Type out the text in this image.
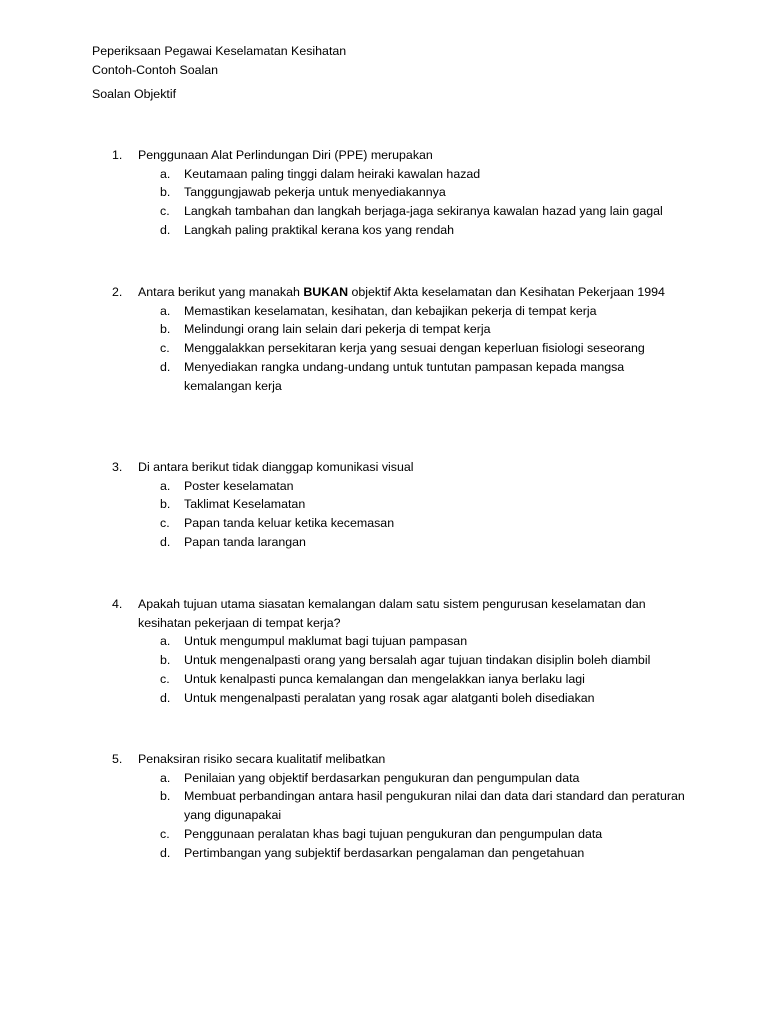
Peperiksaan Pegawai Keselamatan Kesihatan
Contoh-Contoh Soalan
Soalan Objektif
1. Penggunaan Alat Perlindungan Diri (PPE) merupakan
a. Keutamaan paling tinggi dalam heiraki kawalan hazad
b. Tanggungjawab pekerja untuk menyediakannya
c. Langkah tambahan dan langkah berjaga-jaga sekiranya kawalan hazad yang lain gagal
d. Langkah paling praktikal kerana kos yang rendah
2. Antara berikut yang manakah BUKAN objektif Akta keselamatan dan Kesihatan Pekerjaan 1994
a. Memastikan keselamatan, kesihatan, dan kebajikan pekerja di tempat kerja
b. Melindungi orang lain selain dari pekerja di tempat kerja
c. Menggalakkan persekitaran kerja yang sesuai dengan keperluan fisiologi seseorang
d. Menyediakan rangka undang-undang untuk tuntutan pampasan kepada mangsa kemalangan kerja
3. Di antara berikut tidak dianggap komunikasi visual
a. Poster keselamatan
b. Taklimat Keselamatan
c. Papan tanda keluar ketika kecemasan
d. Papan tanda larangan
4. Apakah tujuan utama siasatan kemalangan dalam satu sistem pengurusan keselamatan dan kesihatan pekerjaan di tempat kerja?
a. Untuk mengumpul maklumat bagi tujuan pampasan
b. Untuk mengenalpasti orang yang bersalah agar tujuan tindakan disiplin boleh diambil
c. Untuk kenalpasti punca kemalangan dan mengelakkan ianya berlaku lagi
d. Untuk mengenalpasti peralatan yang rosak agar alatganti boleh disediakan
5. Penaksiran risiko secara kualitatif melibatkan
a. Penilaian yang objektif berdasarkan pengukuran dan pengumpulan data
b. Membuat perbandingan antara hasil pengukuran nilai dan data dari standard dan peraturan yang digunapakai
c. Penggunaan peralatan khas bagi tujuan pengukuran dan pengumpulan data
d. Pertimbangan yang subjektif berdasarkan pengalaman dan pengetahuan
